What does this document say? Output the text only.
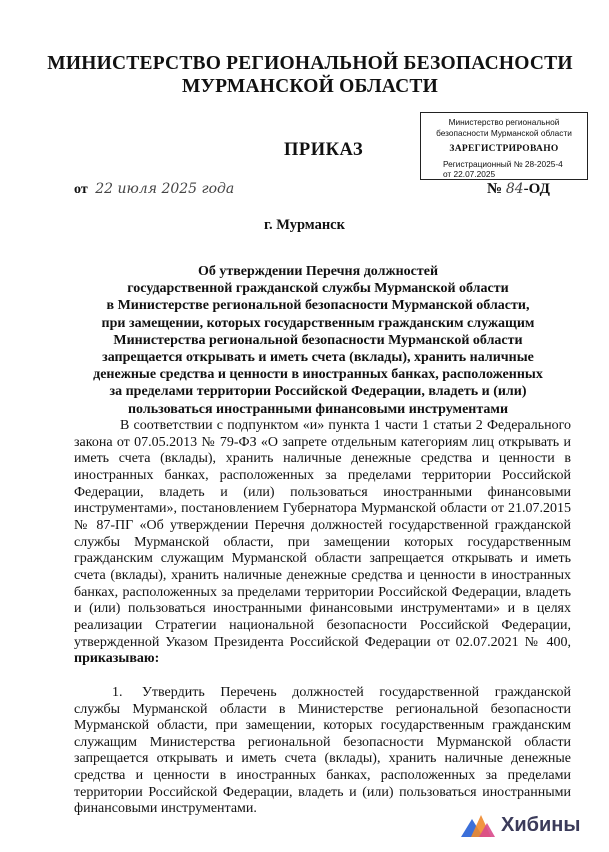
МИНИСТЕРСТВО РЕГИОНАЛЬНОЙ БЕЗОПАСНОСТИ
МУРМАНСКОЙ ОБЛАСТИ
Министерство региональной
безопасности Мурманской области
ЗАРЕГИСТРИРОВАНО
Регистрационный № 28-2025-4
от 22.07.2025
ПРИКАЗ
от 22 июля 2025 года	№ 84-ОД
г. Мурманск
Об утверждении Перечня должностей
государственной гражданской службы Мурманской области
в Министерстве региональной безопасности Мурманской области,
при замещении, которых государственным гражданским служащим
Министерства региональной безопасности Мурманской области
запрещается открывать и иметь счета (вклады), хранить наличные
денежные средства и ценности в иностранных банках, расположенных
за пределами территории Российской Федерации, владеть и (или)
пользоваться иностранными финансовыми инструментами

В соответствии с подпунктом «и» пункта 1 части 1 статьи 2 Федерального закона от 07.05.2013 № 79-ФЗ «О запрете отдельным категориям лиц открывать и иметь счета (вклады), хранить наличные денежные средства и ценности в иностранных банках, расположенных за пределами территории Российской Федерации, владеть и (или) пользоваться иностранными финансовыми инструментами», постановлением Губернатора Мурманской области от 21.07.2015 № 87-ПГ «Об утверждении Перечня должностей государственной гражданской службы Мурманской области, при замещении которых государственным гражданским служащим Мурманской области запрещается открывать и иметь счета (вклады), хранить наличные денежные средства и ценности в иностранных банках, расположенных за пределами территории Российской Федерации, владеть и (или) пользоваться иностранными финансовыми инструментами» и в целях реализации Стратегии национальной безопасности Российской Федерации, утвержденной Указом Президента Российской Федерации от 02.07.2021 № 400, приказываю:

1. Утвердить Перечень должностей государственной гражданской службы Мурманской области в Министерстве региональной безопасности Мурманской области, при замещении, которых государственным гражданским служащим Министерства региональной безопасности Мурманской области запрещается открывать и иметь счета (вклады), хранить наличные денежные средства и ценности в иностранных банках, расположенных за пределами территории Российской Федерации, владеть и (или) пользоваться иностранными финансовыми инструментами.

Хибины
